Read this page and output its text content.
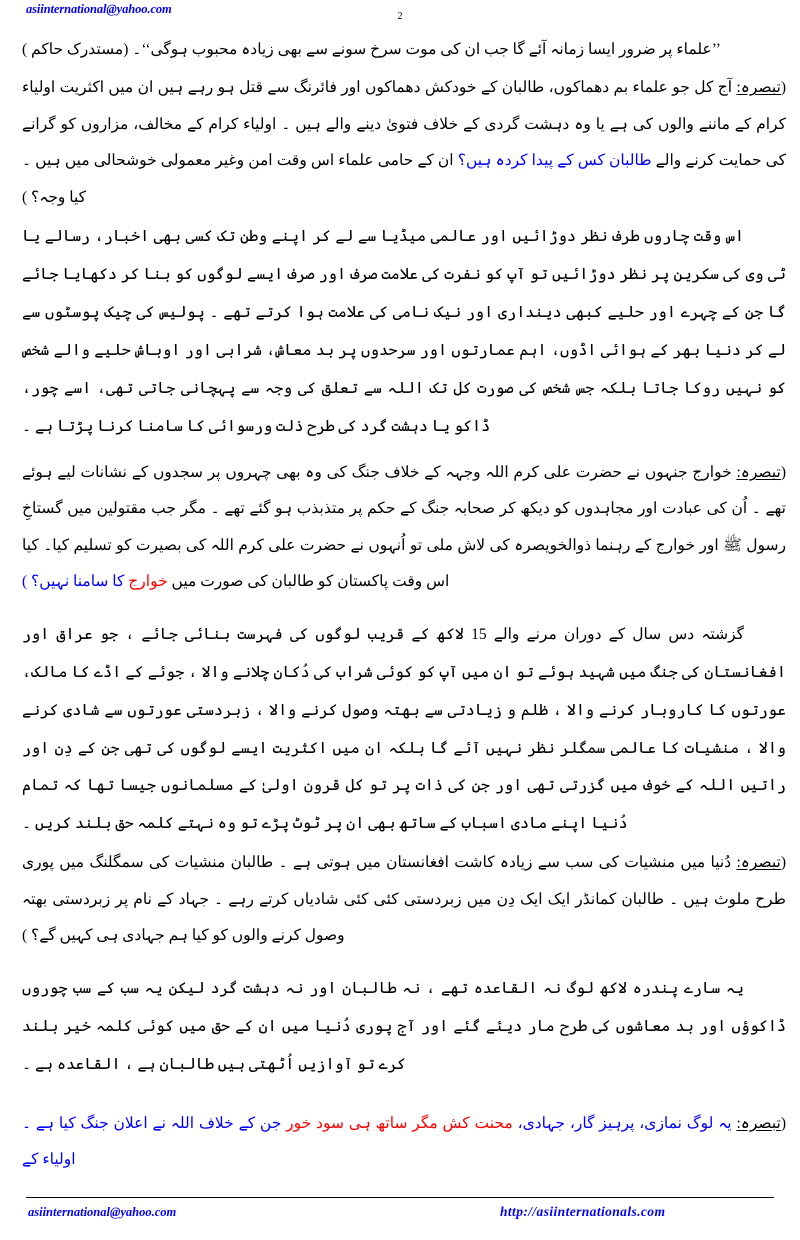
asiinternational@yahoo.com
2

’’علماء پر ضرور ایسا زمانہ آئے گا جب ان کی موت سرخ سونے سے بھی زیادہ محبوب ہوگی‘‘۔ (مستدرک حاکم )

(تبصرہ: آج کل جو علماء بم دھماکوں، طالبان کے خودکش دھماکوں اور فائرنگ سے قتل ہو رہے ہیں ان میں اکثریت اولیاء کرام کے ماننے والوں کی ہے یا وہ دہشت گردی کے خلاف فتویٰ دینے والے ہیں ۔ اولیاء کرام کے مخالف، مزاروں کو گرانے کی حمایت کرنے والے طالبان کس کے پیدا کردہ ہیں؟ ان کے حامی علماء اس وقت امن وغیر معمولی خوشحالی میں ہیں ۔ کیا وجہ؟ )

اس وقت چاروں طرف نظر دوڑائیں اور عالمی میڈیا سے لے کر اپنے وطن تک کسی بھی اخبار، رسالے یا ٹی وی کی سکرین پر نظر دوڑائیں تو آپ کو نفرت کی علامت صرف اور صرف ایسے لوگوں کو بنا کر دکھایا جائے گا جن کے چہرے اور حلیے کبھی دینداری اور نیک نامی کی علامت ہوا کرتے تھے ۔ پولیس کی چیک پوسٹوں سے لے کر دنیا بھر کے ہوائی اڈوں، اہم عمارتوں اور سرحدوں پر بد معاش، شرابی اور اوباش حلیے والے شخص کو نہیں روکا جاتا بلکہ جس شخص کی صورت کل تک اللہ سے تعلق کی وجہ سے پہچانی جاتی تھی، اسے چور، ڈاکو یا دہشت گرد کی طرح ذلت ورسوائی کا سامنا کرنا پڑتا ہے ۔

(تبصرہ: خوارج جنہوں نے حضرت علی کرم اللہ وجہہ کے خلاف جنگ کی وہ بھی چہروں پر سجدوں کے نشانات لیے ہوئے تھے ۔ اُن کی عبادت اور مجاہدوں کو دیکھ کر صحابہ جنگ کے حکم پر متذبذب ہو گئے تھے ۔ مگر جب مقتولین میں گستاخِ رسول ﷺ اور خوارج کے رہنما ذوالخویصرہ کی لاش ملی تو اُنہوں نے حضرت علی کرم اللہ کی بصیرت کو تسلیم کیا۔ کیا اس وقت پاکستان کو طالبان کی صورت میں خوارج کا سامنا نہیں؟ )

گزشتہ دس سال کے دوران مرنے والے 15 لاکھ کے قریب لوگوں کی فہرست بنائی جائے ، جو عراق اور افغانستان کی جنگ میں شہید ہوئے تو ان میں آپ کو کوئی شراب کی دُکان چلانے والا ، جوئے کے اڈے کا مالک، عورتوں کا کاروبار کرنے والا ، ظلم و زیادتی سے بھتہ وصول کرنے والا ، زبردستی عورتوں سے شادی کرنے والا ، منشیات کا عالمی سمگلر نظر نہیں آئے گا بلکہ ان میں اکثریت ایسے لوگوں کی تھی جن کے دِن اور راتیں اللہ کے خوف میں گزرتی تھی اور جن کی ذات پر تو کل قرون اولیٰ کے مسلمانوں جیسا تھا کہ تمام دُنیا اپنے مادی اسباب کے ساتھ بھی ان پر ٹوٹ پڑے تو وہ نہتے کلمہ حق بلند کریں ۔

(تبصرہ: دُنیا میں منشیات کی سب سے زیادہ کاشت افغانستان میں ہوتی ہے ۔ طالبان منشیات کی سمگلنگ میں پوری طرح ملوث ہیں ۔ طالبان کمانڈر ایک ایک دِن میں زبردستی کئی کئی شادیاں کرتے رہے ۔ جہاد کے نام پر زبردستی بھتہ وصول کرنے والوں کو کیا ہم جہادی ہی کہیں گے؟ )

یہ سارے پندرہ لاکھ لوگ نہ القاعدہ تھے ، نہ طالبان اور نہ دہشت گرد لیکن یہ سب کے سب چوروں ڈاکوؤں اور بد معاشوں کی طرح مار دیئے گئے اور آج پوری دُنیا میں ان کے حق میں کوئی کلمہ خیر بلند کرے تو آوازیں اُٹھتی ہیں طالبان ہے ، القاعدہ ہے ۔

(تبصرہ: یہ لوگ نمازی، پرہیز گار، جہادی، محنت کش مگر ساتھ ہی سود خور جن کے خلاف اللہ نے اعلان جنگ کیا ہے ۔ اولیاء کے

asiinternational@yahoo.com	http://asiinternationals.com
